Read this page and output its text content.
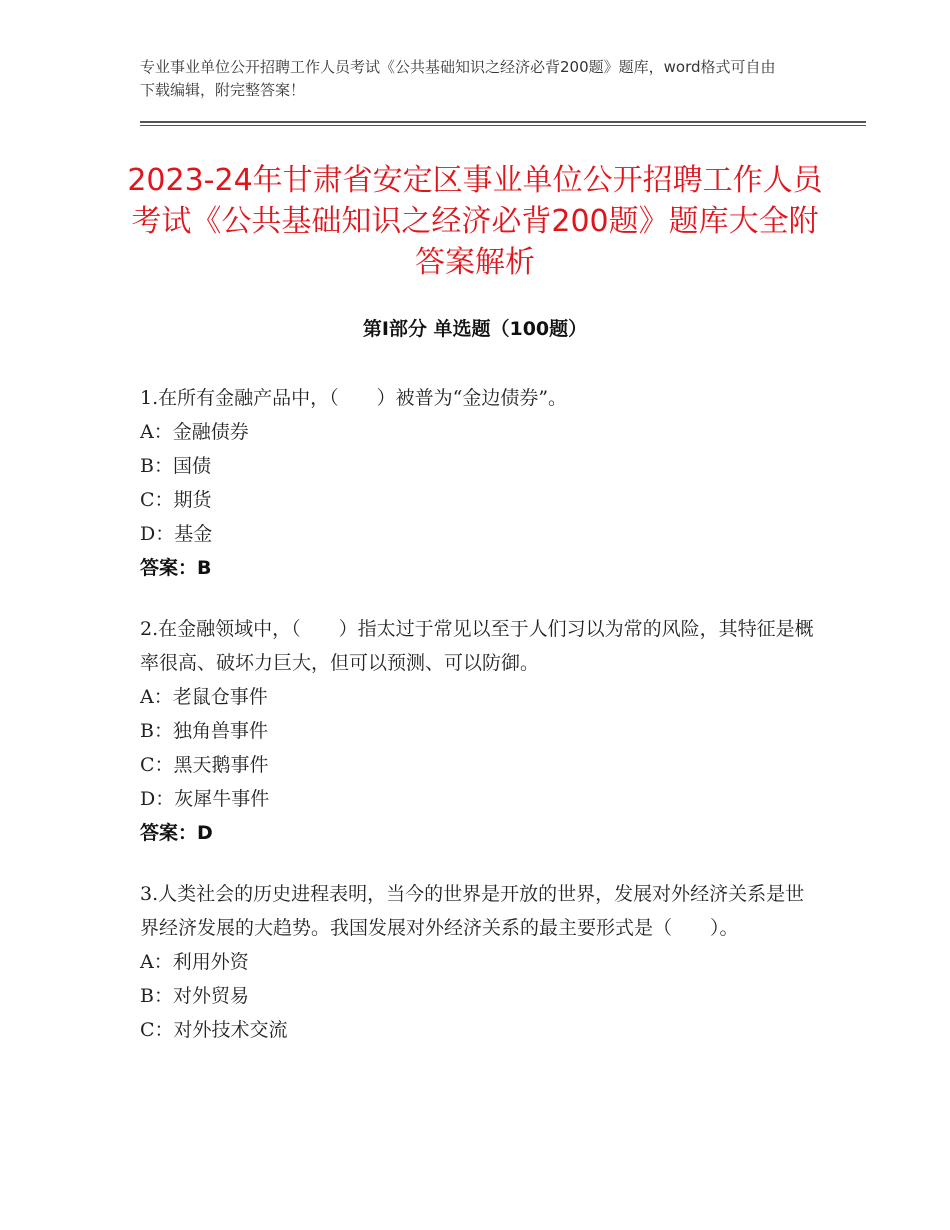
专业事业单位公开招聘工作人员考试《公共基础知识之经济必背200题》题库，word格式可自由下载编辑，附完整答案！
2023-24年甘肃省安定区事业单位公开招聘工作人员考试《公共基础知识之经济必背200题》题库大全附答案解析
第Ⅰ部分 单选题（100题）
1.在所有金融产品中，（　　）被普为“金边债券”。
A：金融债券
B：国债
C：期货
D：基金
答案：B
2.在金融领域中，（　　）指太过于常见以至于人们习以为常的风险，其特征是概率很高、破坏力巨大，但可以预测、可以防御。
A：老鼠仓事件
B：独角兽事件
C：黑天鹅事件
D：灰犀牛事件
答案：D
3.人类社会的历史进程表明，当今的世界是开放的世界，发展对外经济关系是世界经济发展的大趋势。我国发展对外经济关系的最主要形式是（　　）。
A：利用外资
B：对外贸易
C：对外技术交流
